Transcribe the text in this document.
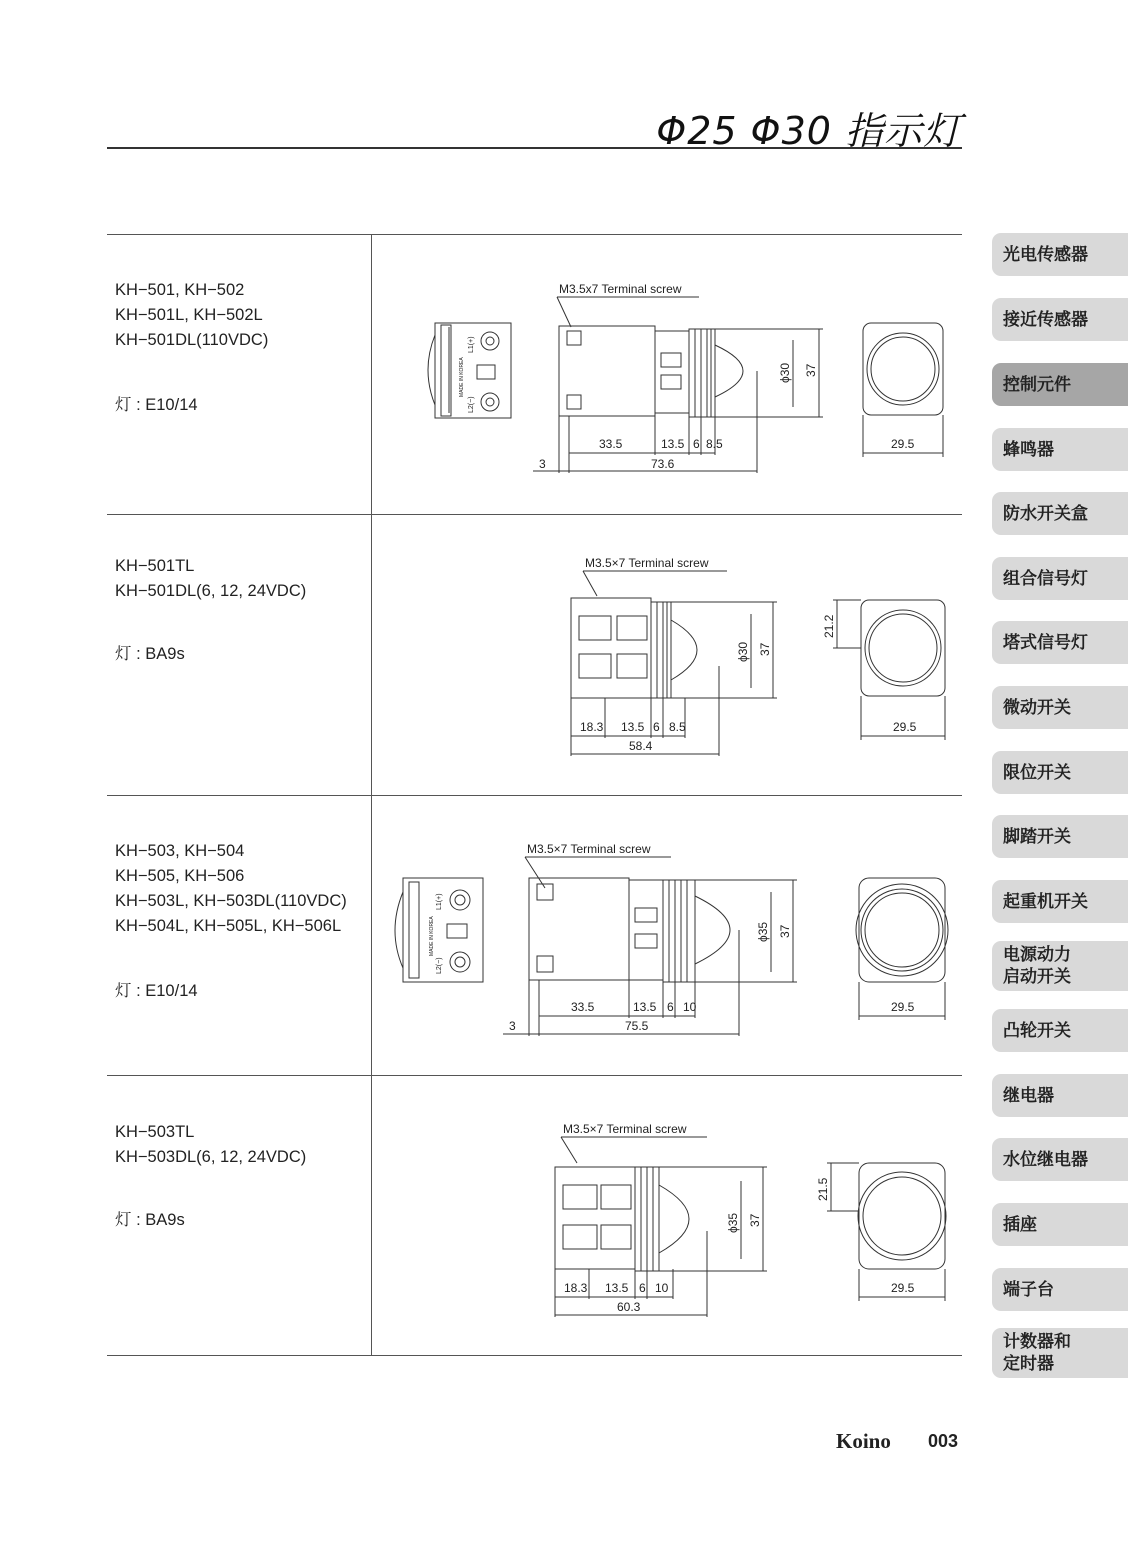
Φ25 Φ30 指示灯
KH−501, KH−502
KH−501L, KH−502L
KH−501DL(110VDC)
灯 : E10/14
KH−501TL
KH−501DL(6, 12, 24VDC)
灯 : BA9s
KH−503, KH−504
KH−505, KH−506
KH−503L, KH−503DL(110VDC)
KH−504L, KH−505L, KH−506L
灯 : E10/14
KH−503TL
KH−503DL(6, 12, 24VDC)
灯 : BA9s
M3.5x7 Terminal screw
L1(+)
L2(−)
MADE IN KOREA
33.5	13.5 6 8.5
3	73.6
ϕ30 37
29.5
M3.5×7 Terminal screw
18.3 13.5 6 8.5
58.4
ϕ30 37
21.2
29.5
M3.5×7 Terminal screw
L1(+)
L2(−)
MADE IN KOREA
33.5	13.5 6 10
3	75.5
ϕ35 37
29.5
M3.5×7 Terminal screw
18.3 13.5 6 10
60.3
ϕ35 37
21.5
29.5
光电传感器
接近传感器
控制元件
蜂鸣器
防水开关盒
组合信号灯
塔式信号灯
微动开关
限位开关
脚踏开关
起重机开关
电源动力
启动开关
凸轮开关
继电器
水位继电器
插座
端子台
计数器和
定时器
Koino 003
